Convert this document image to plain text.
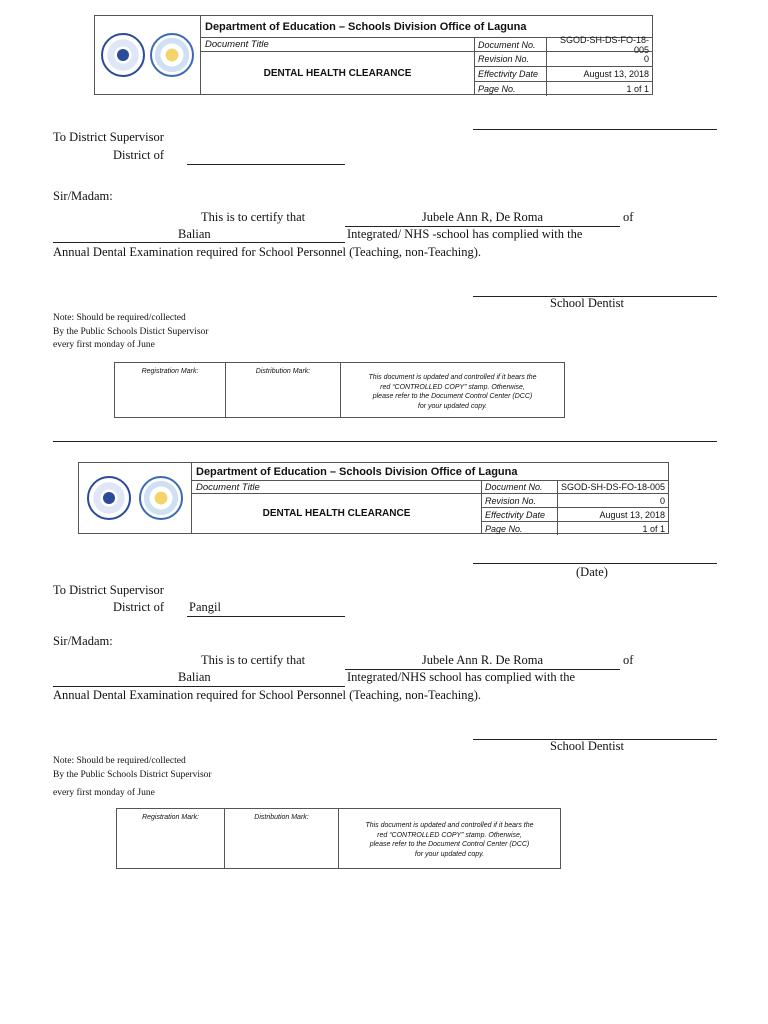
Department of Education – Schools Division Office of Laguna
Document Title
DENTAL HEALTH CLEARANCE
Document No.	SGOD-SH-DS-FO-18-005
Revision No.	0
Effectivity Date	August 13, 2018
Page No.	1 of 1
To District Supervisor
District of
Sir/Madam:
This is to certify that	Jubele Ann R, De Roma	of
Balian	Integrated/ NHS -school has complied with the
Annual Dental Examination required for School Personnel (Teaching, non-Teaching).
School Dentist
Note: Should be required/collected
By the Public Schools Distict Supervisor
every first monday of June
Registration Mark:	Distribution Mark:
This document is updated and controlled if it bears the
red “CONTROLLED COPY” stamp. Otherwise,
please refer to the Document Control Center (DCC)
for your updated copy.
Department of Education – Schools Division Office of Laguna
Document Title
DENTAL HEALTH CLEARANCE
Document No.	SGOD-SH-DS-FO-18-005
Revision No.	0
Effectivity Date	August 13, 2018
Page No.	1 of 1
(Date)
To District Supervisor
District of Pangil
Sir/Madam:
This is to certify that	Jubele Ann R. De Roma	of
Balian	Integrated/NHS school has complied with the
Annual Dental Examination required for School Personnel (Teaching, non-Teaching).
School Dentist
Note: Should be required/collected
By the Public Schools District Supervisor
every first monday of June
Registration Mark:	Distribution Mark:
This document is updated and controlled if it bears the
red “CONTROLLED COPY” stamp. Otherwise,
please refer to the Document Control Center (DCC)
for your updated copy.
